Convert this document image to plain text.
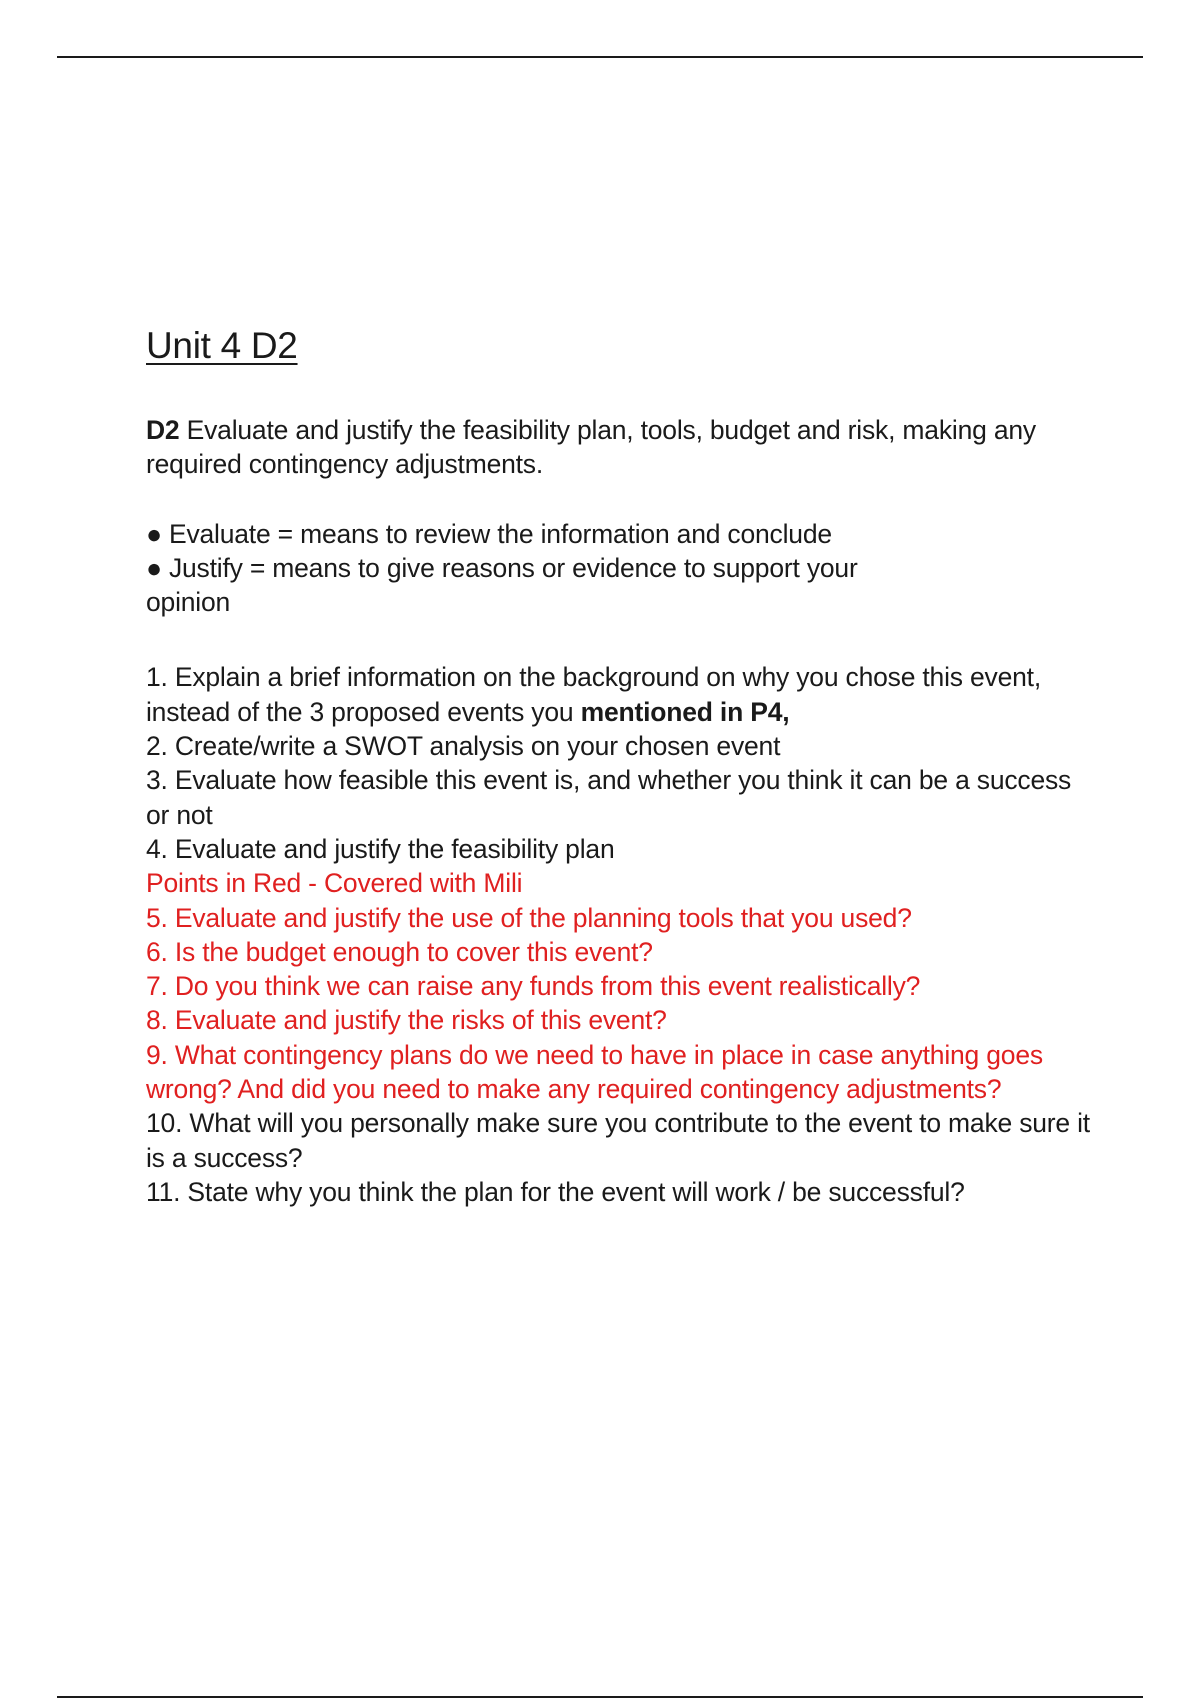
Unit 4 D2

D2 Evaluate and justify the feasibility plan, tools, budget and risk, making any required contingency adjustments.

● Evaluate = means to review the information and conclude

● Justify = means to give reasons or evidence to support your

opinion

1. Explain a brief information on the background on why you chose this event, instead of the 3 proposed events you mentioned in P4,

2. Create/write a SWOT analysis on your chosen event

3. Evaluate how feasible this event is, and whether you think it can be a success or not

4. Evaluate and justify the feasibility plan

Points in Red - Covered with Mili

5. Evaluate and justify the use of the planning tools that you used?

6. Is the budget enough to cover this event?

7. Do you think we can raise any funds from this event realistically?

8. Evaluate and justify the risks of this event?

9. What contingency plans do we need to have in place in case anything goes wrong? And did you need to make any required contingency adjustments?

10. What will you personally make sure you contribute to the event to make sure it is a success?

11. State why you think the plan for the event will work / be successful?
